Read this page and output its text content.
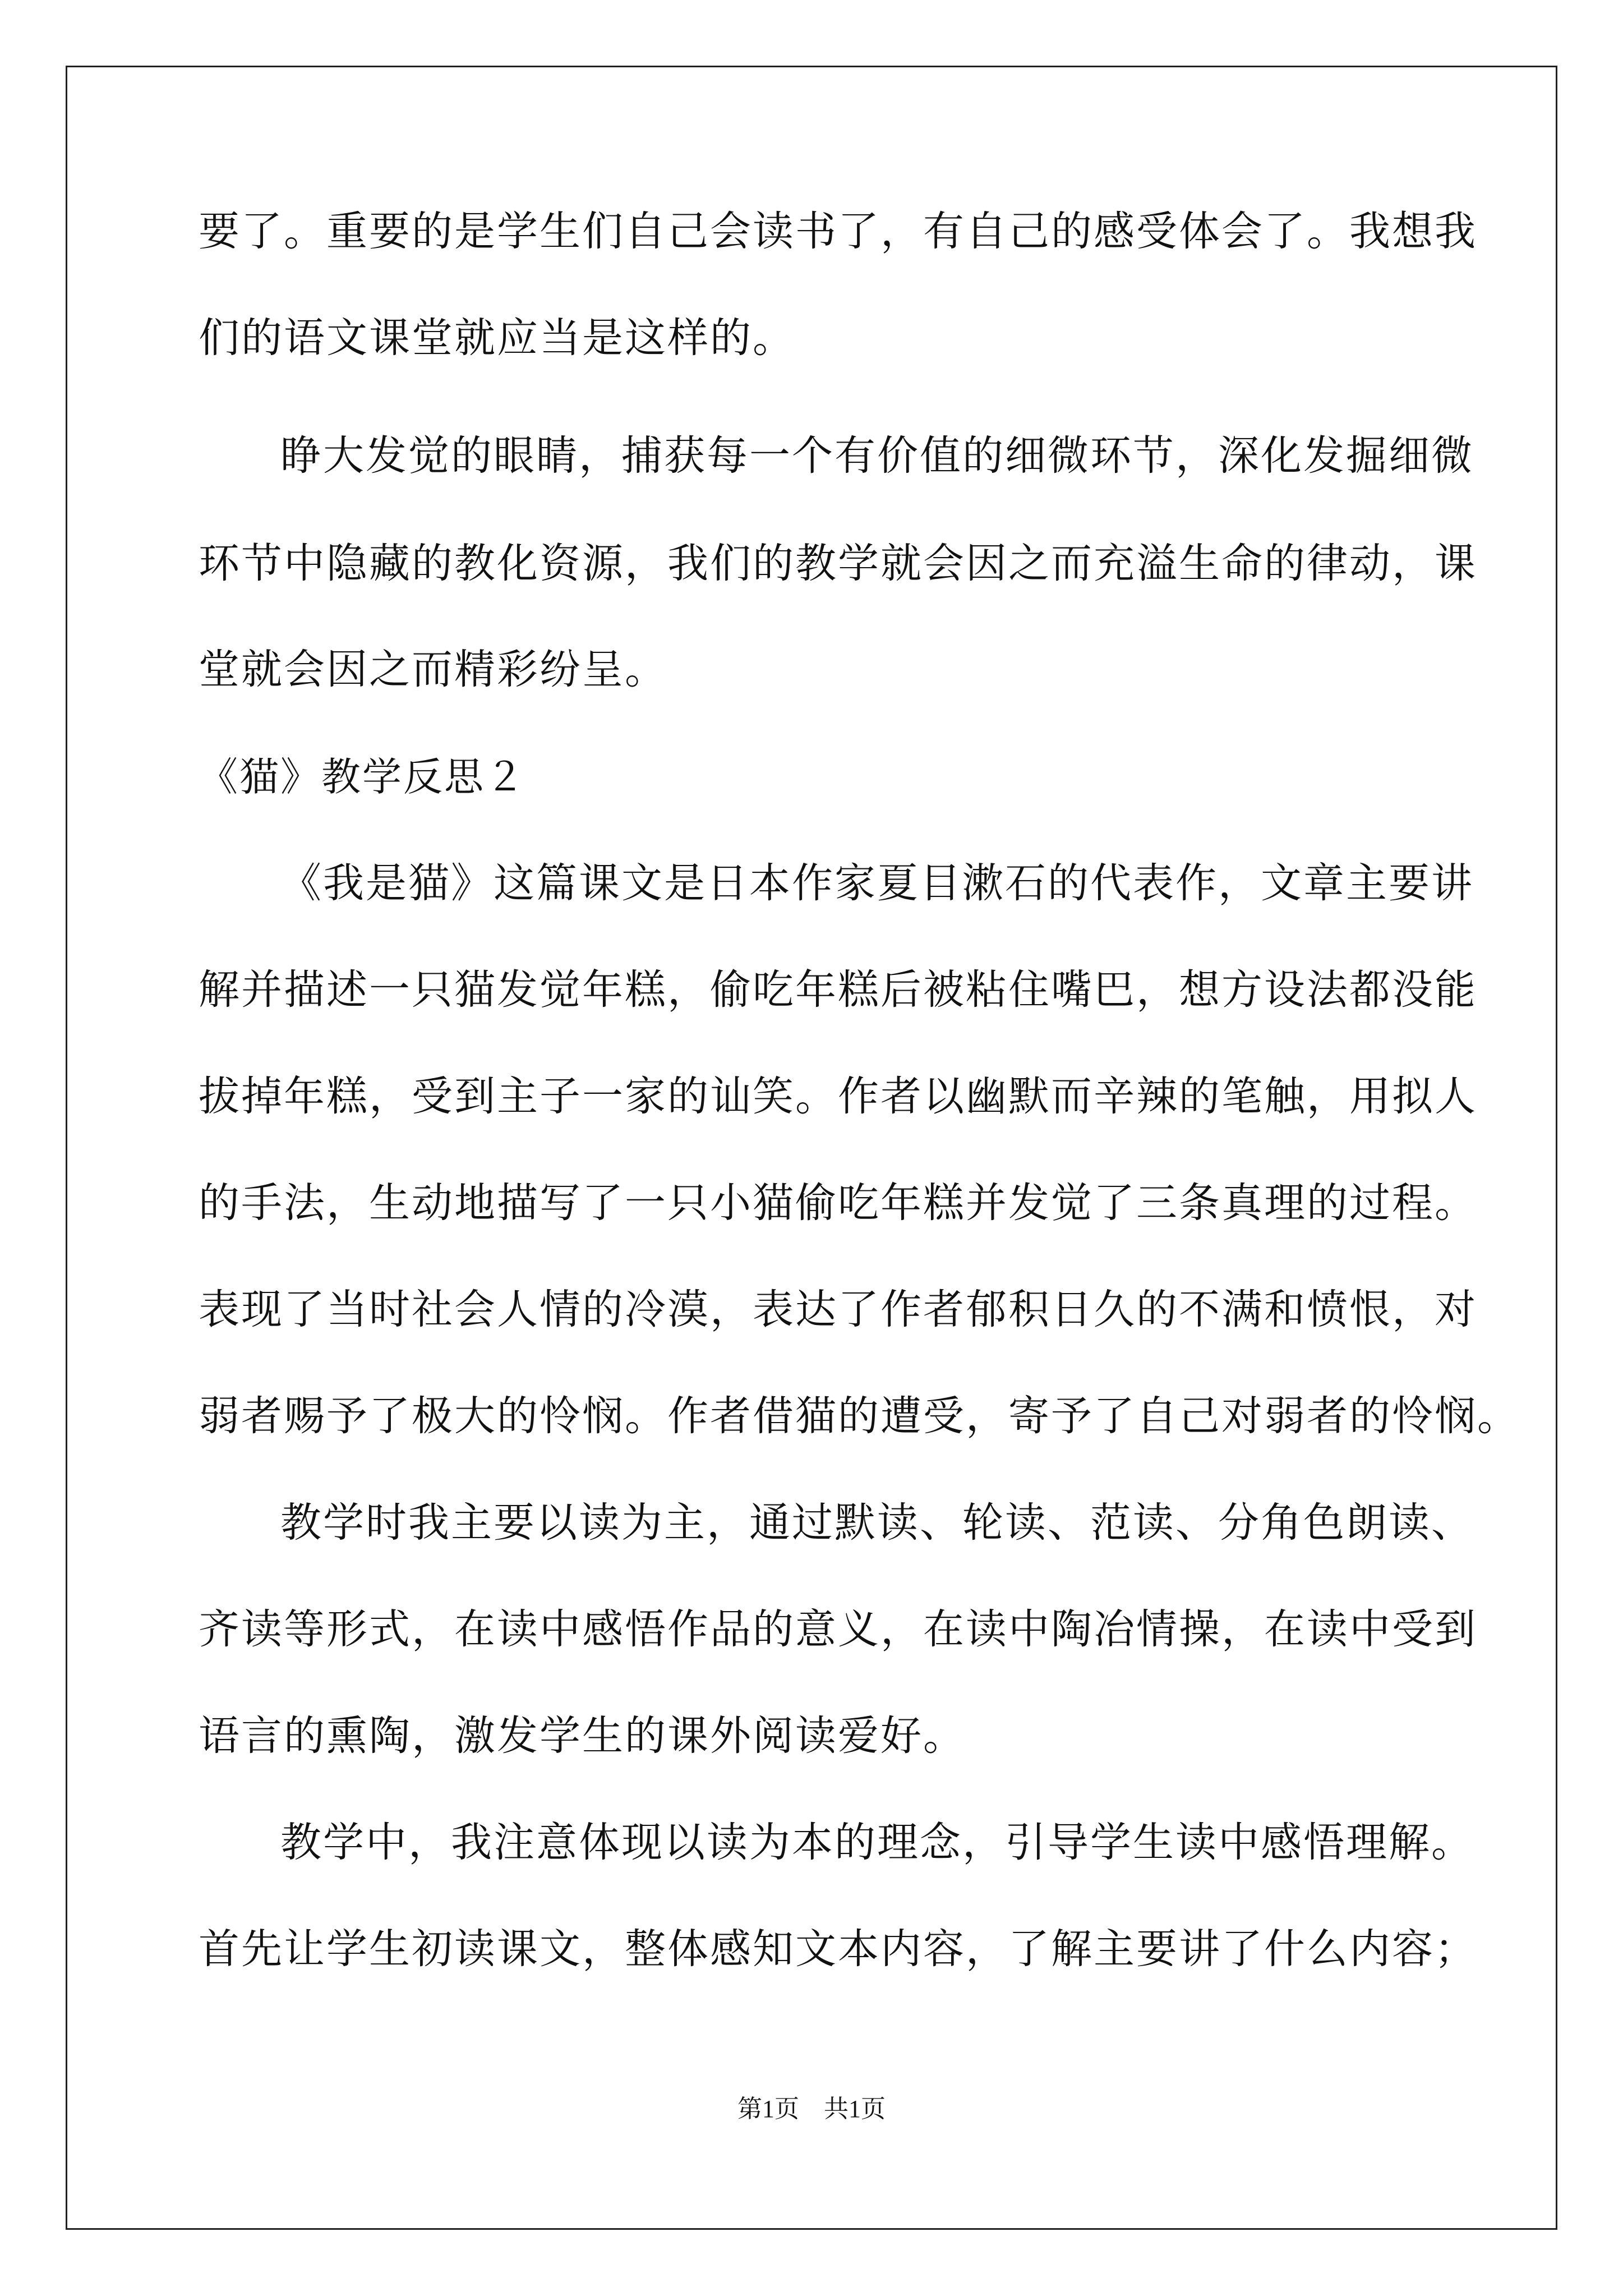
要了。重要的是学生们自己会读书了，有自己的感受体会了。我想我
们的语文课堂就应当是这样的。
睁大发觉的眼睛，捕获每一个有价值的细微环节，深化发掘细微
环节中隐藏的教化资源，我们的教学就会因之而充溢生命的律动，课
堂就会因之而精彩纷呈。
《猫》教学反思２
《我是猫》这篇课文是日本作家夏目漱石的代表作，文章主要讲
解并描述一只猫发觉年糕，偷吃年糕后被粘住嘴巴，想方设法都没能
拔掉年糕，受到主子一家的讪笑。作者以幽默而辛辣的笔触，用拟人
的手法，生动地描写了一只小猫偷吃年糕并发觉了三条真理的过程。
表现了当时社会人情的冷漠，表达了作者郁积日久的不满和愤恨，对
弱者赐予了极大的怜悯。作者借猫的遭受，寄予了自己对弱者的怜悯。
教学时我主要以读为主，通过默读、轮读、范读、分角色朗读、
齐读等形式，在读中感悟作品的意义，在读中陶冶情操，在读中受到
语言的熏陶，激发学生的课外阅读爱好。
教学中，我注意体现以读为本的理念，引导学生读中感悟理解。
首先让学生初读课文，整体感知文本内容，了解主要讲了什么内容；
第1页　共1页
